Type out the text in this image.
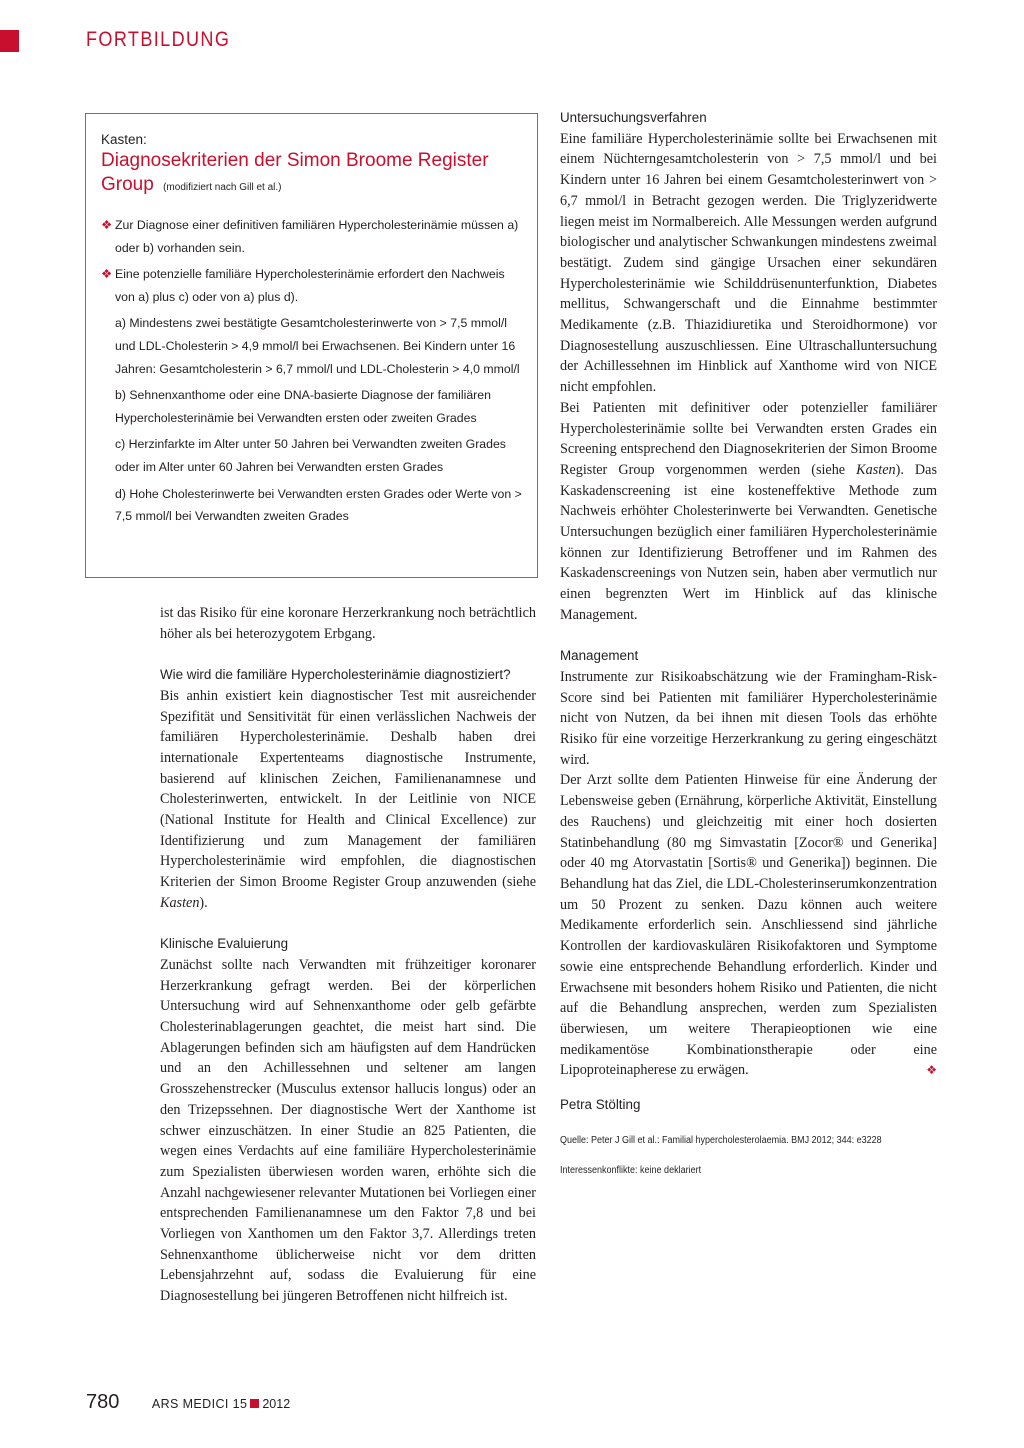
FORTBILDUNG
Kasten:
Diagnosekriterien der Simon Broome Register Group (modifiziert nach Gill et al.)
❖ Zur Diagnose einer definitiven familiären Hypercholesterinämie müssen a) oder b) vorhanden sein.
❖ Eine potenzielle familiäre Hypercholesterinämie erfordert den Nachweis von a) plus c) oder von a) plus d).
a) Mindestens zwei bestätigte Gesamtcholesterinwerte von > 7,5 mmol/l und LDL-Cholesterin > 4,9 mmol/l bei Erwachsenen. Bei Kindern unter 16 Jahren: Gesamtcholesterin > 6,7 mmol/l und LDL-Cholesterin > 4,0 mmol/l
b) Sehnenxanthome oder eine DNA-basierte Diagnose der familiären Hypercholesterinämie bei Verwandten ersten oder zweiten Grades
c) Herzinfarkte im Alter unter 50 Jahren bei Verwandten zweiten Grades oder im Alter unter 60 Jahren bei Verwandten ersten Grades
d) Hohe Cholesterinwerte bei Verwandten ersten Grades oder Werte von > 7,5 mmol/l bei Verwandten zweiten Grades

ist das Risiko für eine koronare Herzerkrankung noch beträchtlich höher als bei heterozygotem Erbgang.

Wie wird die familiäre Hypercholesterinämie diagnostiziert?

Bis anhin existiert kein diagnostischer Test mit ausreichender Spezifität und Sensitivität für einen verlässlichen Nachweis der familiären Hypercholesterinämie. Deshalb haben drei internationale Expertenteams diagnostische Instrumente, basierend auf klinischen Zeichen, Familienanamnese und Cholesterinwerten, entwickelt. In der Leitlinie von NICE (National Institute for Health and Clinical Excellence) zur Identifizierung und zum Management der familiären Hypercholesterinämie wird empfohlen, die diagnostischen Kriterien der Simon Broome Register Group anzuwenden (siehe Kasten).

Klinische Evaluierung

Zunächst sollte nach Verwandten mit frühzeitiger koronarer Herzerkrankung gefragt werden. Bei der körperlichen Untersuchung wird auf Sehnenxanthome oder gelb gefärbte Cholesterinablagerungen geachtet, die meist hart sind. Die Ablagerungen befinden sich am häufigsten auf dem Handrücken und an den Achillessehnen und seltener am langen Grosszehenstrecker (Musculus extensor hallucis longus) oder an den Trizepssehnen. Der diagnostische Wert der Xanthome ist schwer einzuschätzen. In einer Studie an 825 Patienten, die wegen eines Verdachts auf eine familiäre Hypercholesterinämie zum Spezialisten überwiesen worden waren, erhöhte sich die Anzahl nachgewiesener relevanter Mutationen bei Vorliegen einer entsprechenden Familienanamnese um den Faktor 7,8 und bei Vorliegen von Xanthomen um den Faktor 3,7. Allerdings treten Sehnenxanthome üblicherweise nicht vor dem dritten Lebensjahrzehnt auf, sodass die Evaluierung für eine Diagnosestellung bei jüngeren Betroffenen nicht hilfreich ist.

Untersuchungsverfahren

Eine familiäre Hypercholesterinämie sollte bei Erwachsenen mit einem Nüchterngesamtcholesterin von > 7,5 mmol/l und bei Kindern unter 16 Jahren bei einem Gesamtcholesterinwert von > 6,7 mmol/l in Betracht gezogen werden. Die Triglyzeridwerte liegen meist im Normalbereich. Alle Messungen werden aufgrund biologischer und analytischer Schwankungen mindestens zweimal bestätigt. Zudem sind gängige Ursachen einer sekundären Hypercholesterinämie wie Schilddrüsenunterfunktion, Diabetes mellitus, Schwangerschaft und die Einnahme bestimmter Medikamente (z.B. Thiazidiuretika und Steroidhormone) vor Diagnosestellung auszuschliessen. Eine Ultraschalluntersuchung der Achillessehnen im Hinblick auf Xanthome wird von NICE nicht empfohlen.

Bei Patienten mit definitiver oder potenzieller familiärer Hypercholesterinämie sollte bei Verwandten ersten Grades ein Screening entsprechend den Diagnosekriterien der Simon Broome Register Group vorgenommen werden (siehe Kasten). Das Kaskadenscreening ist eine kosteneffektive Methode zum Nachweis erhöhter Cholesterinwerte bei Verwandten. Genetische Untersuchungen bezüglich einer familiären Hypercholesterinämie können zur Identifizierung Betroffener und im Rahmen des Kaskadenscreenings von Nutzen sein, haben aber vermutlich nur einen begrenzten Wert im Hinblick auf das klinische Management.

Management

Instrumente zur Risikoabschätzung wie der Framingham-Risk-Score sind bei Patienten mit familiärer Hypercholesterinämie nicht von Nutzen, da bei ihnen mit diesen Tools das erhöhte Risiko für eine vorzeitige Herzerkrankung zu gering eingeschätzt wird.

Der Arzt sollte dem Patienten Hinweise für eine Änderung der Lebensweise geben (Ernährung, körperliche Aktivität, Einstellung des Rauchens) und gleichzeitig mit einer hoch dosierten Statinbehandlung (80 mg Simvastatin [Zocor® und Generika] oder 40 mg Atorvastatin [Sortis® und Generika]) beginnen. Die Behandlung hat das Ziel, die LDL-Cholesterinserumkonzentration um 50 Prozent zu senken. Dazu können auch weitere Medikamente erforderlich sein. Anschliessend sind jährliche Kontrollen der kardiovaskulären Risikofaktoren und Symptome sowie eine entsprechende Behandlung erforderlich. Kinder und Erwachsene mit besonders hohem Risiko und Patienten, die nicht auf die Behandlung ansprechen, werden zum Spezialisten überwiesen, um weitere Therapieoptionen wie eine medikamentöse Kombinationstherapie oder eine Lipoproteinapherese zu erwägen.	❖

Petra Stölting
Quelle: Peter J Gill et al.: Familial hypercholesterolaemia. BMJ 2012; 344: e3228
Interessenkonflikte: keine deklariert
780	ARS MEDICI 15 2012
